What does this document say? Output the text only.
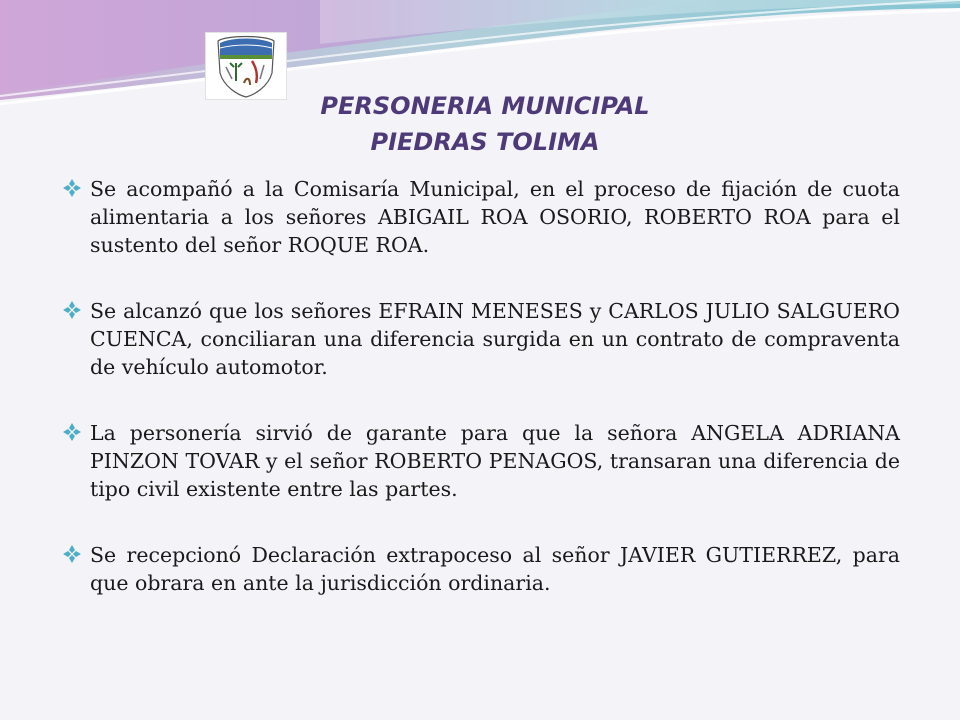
PERSONERIA MUNICIPAL
PIEDRAS TOLIMA
Se acompañó a la Comisaría Municipal, en el proceso de fijación de cuota alimentaria a los señores ABIGAIL ROA OSORIO, ROBERTO ROA para el sustento del señor ROQUE ROA.
Se alcanzó que los señores EFRAIN MENESES y CARLOS JULIO SALGUERO CUENCA, conciliaran una diferencia surgida en un contrato de compraventa de vehículo automotor.
La personería sirvió de garante para que la señora ANGELA ADRIANA PINZON TOVAR y el señor ROBERTO PENAGOS, transaran una diferencia de tipo civil existente entre las partes.
Se recepcionó Declaración extrapoceso al señor JAVIER GUTIERREZ, para que obrara en ante la jurisdicción ordinaria.
